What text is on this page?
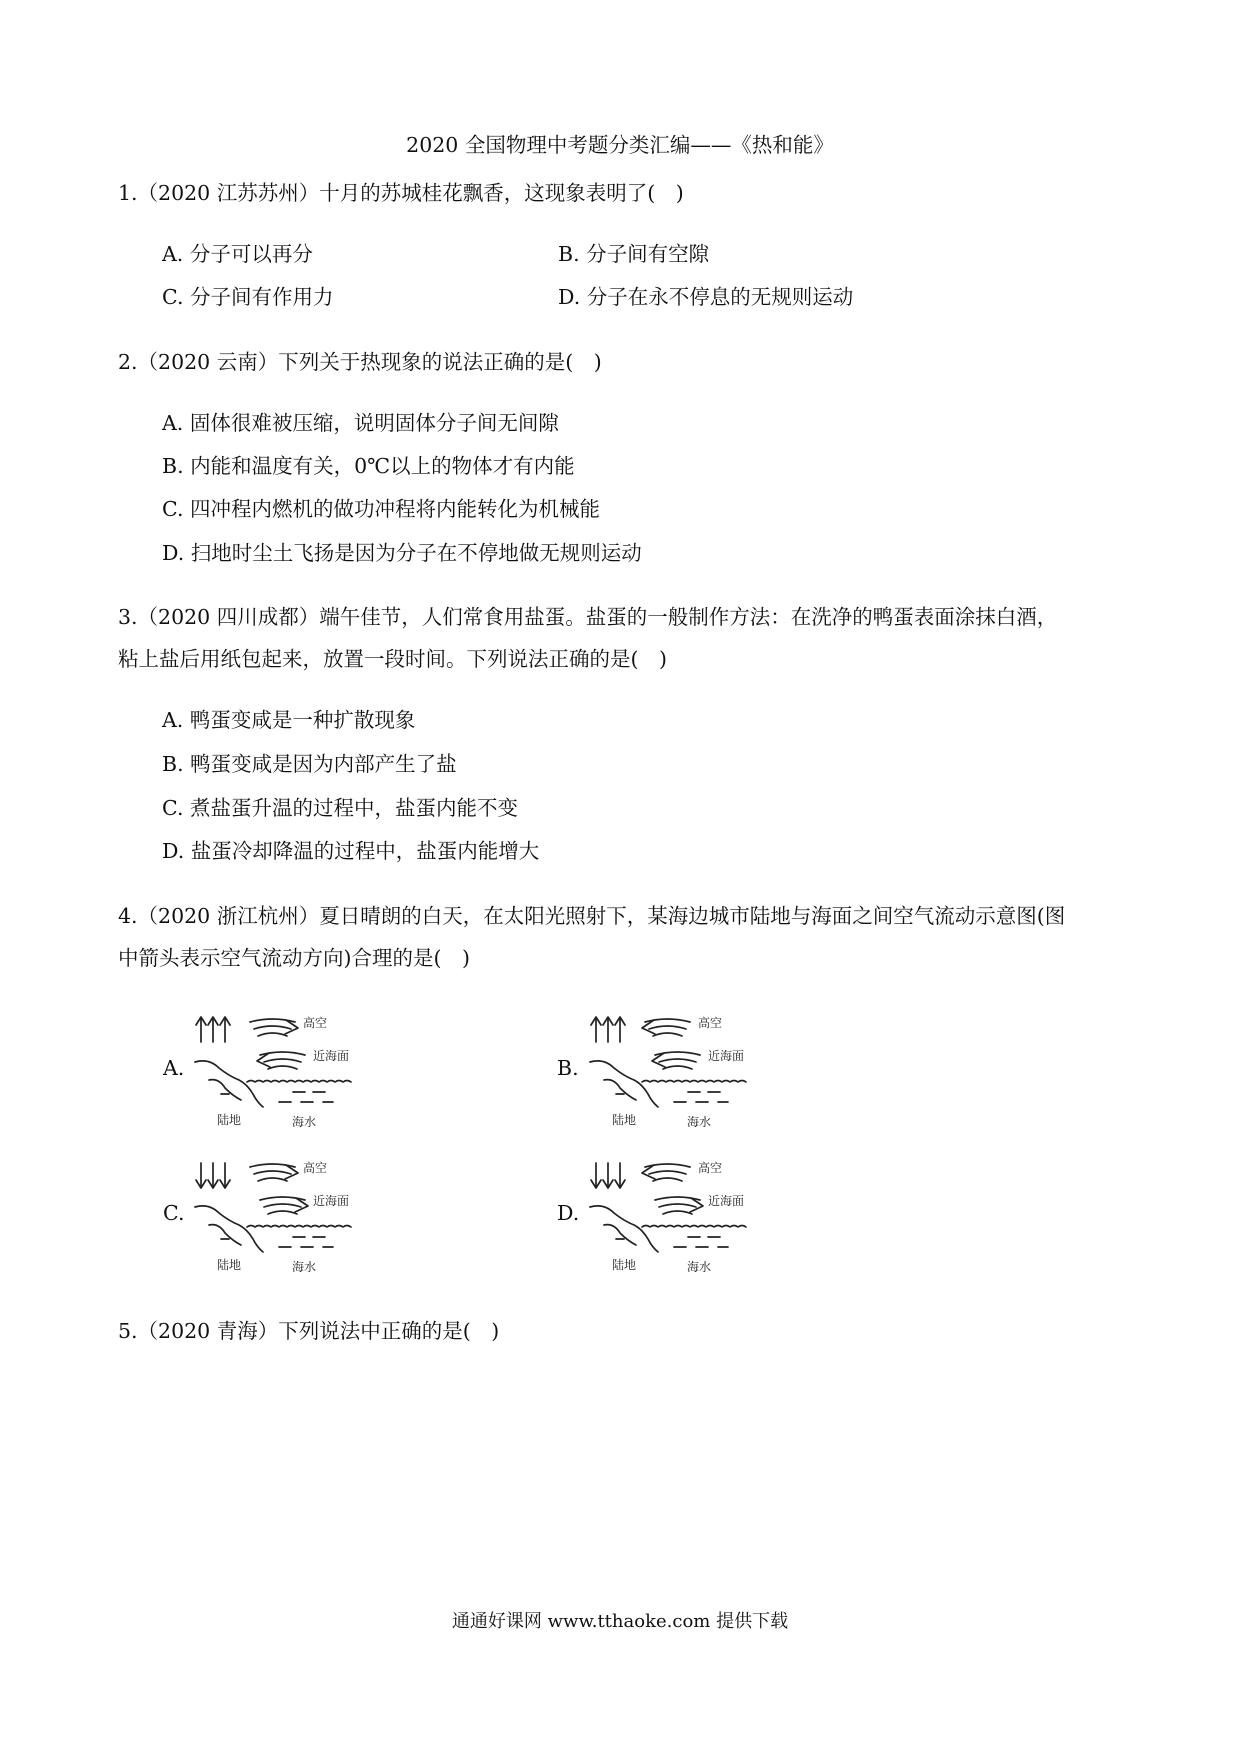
2020 全国物理中考题分类汇编——《热和能》
1.（2020 江苏苏州）十月的苏城桂花飘香，这现象表明了(　)
A. 分子可以再分	B. 分子间有空隙
C. 分子间有作用力	D. 分子在永不停息的无规则运动
2.（2020 云南）下列关于热现象的说法正确的是(　)
A. 固体很难被压缩，说明固体分子间无间隙
B. 内能和温度有关，0℃以上的物体才有内能
C. 四冲程内燃机的做功冲程将内能转化为机械能
D. 扫地时尘土飞扬是因为分子在不停地做无规则运动
3.（2020 四川成都）端午佳节，人们常食用盐蛋。盐蛋的一般制作方法：在洗净的鸭蛋表面涂抹白酒，
粘上盐后用纸包起来，放置一段时间。下列说法正确的是(　)
A. 鸭蛋变咸是一种扩散现象
B. 鸭蛋变咸是因为内部产生了盐
C. 煮盐蛋升温的过程中，盐蛋内能不变
D. 盐蛋冷却降温的过程中，盐蛋内能增大
4.（2020 浙江杭州）夏日晴朗的白天，在太阳光照射下，某海边城市陆地与海面之间空气流动示意图(图
中箭头表示空气流动方向)合理的是(　)
A.	B.
C.	D.
高空
近海面
陆地	海水
高空
近海面
陆地	海水
高空
近海面
陆地	海水
高空
近海面
陆地	海水
5.（2020 青海）下列说法中正确的是(　)
通通好课网 www.tthaoke.com 提供下载
